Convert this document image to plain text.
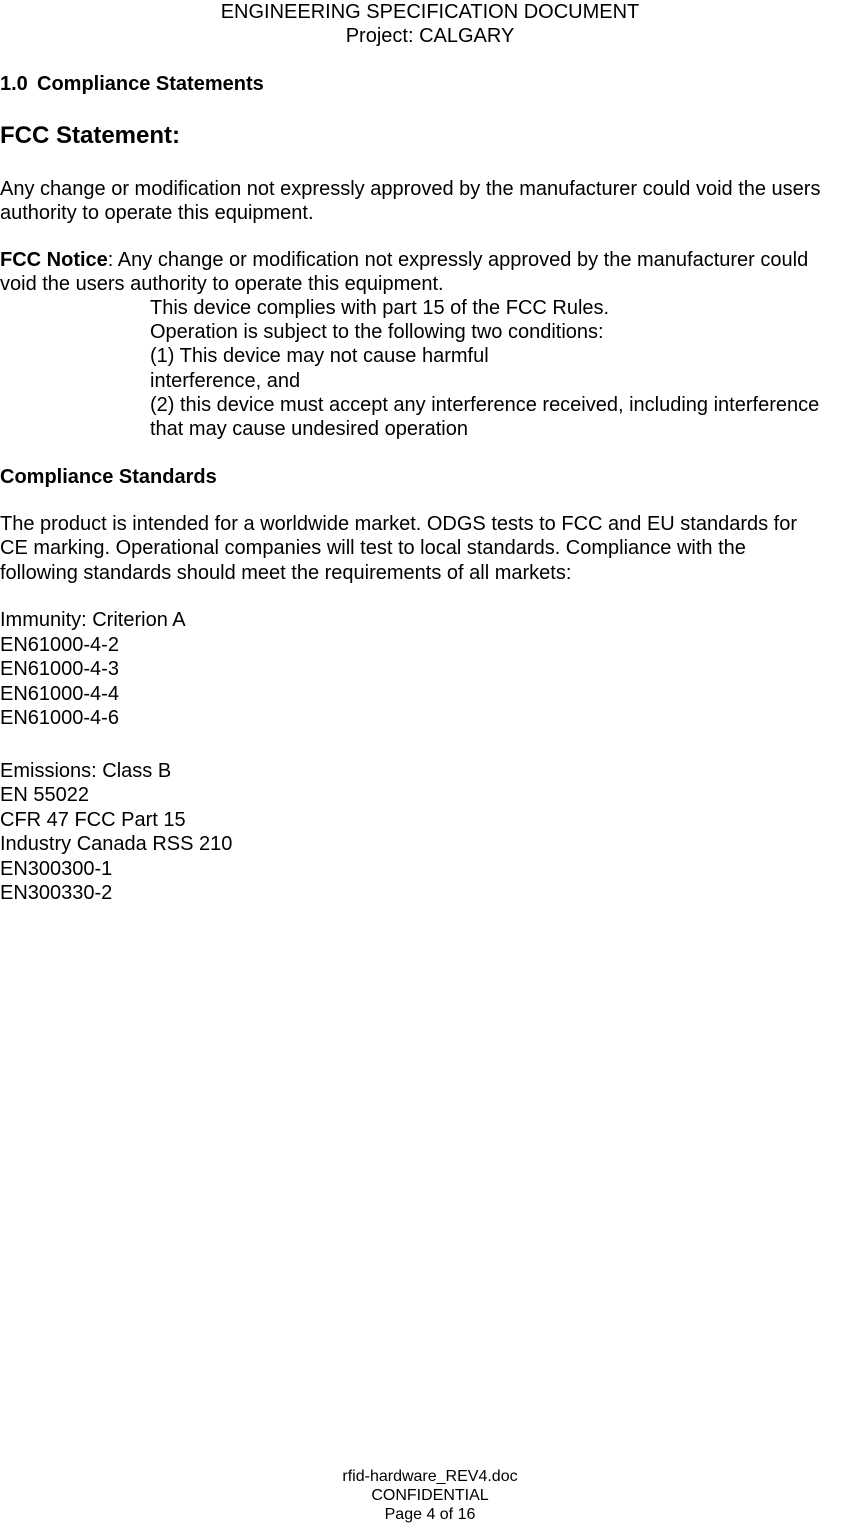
ENGINEERING SPECIFICATION DOCUMENT
Project: CALGARY
1.0 Compliance Statements
FCC Statement:
Any change or modification not expressly approved by the manufacturer could void the users
authority to operate this equipment.
FCC Notice: Any change or modification not expressly approved by the manufacturer could
void the users authority to operate this equipment.
This device complies with part 15 of the FCC Rules.
Operation is subject to the following two conditions:
(1) This device may not cause harmful
interference, and
(2) this device must accept any interference received, including interference
that may cause undesired operation
Compliance Standards
The product is intended for a worldwide market. ODGS tests to FCC and EU standards for
CE marking. Operational companies will test to local standards. Compliance with the
following standards should meet the requirements of all markets:
Immunity: Criterion A
EN61000-4-2
EN61000-4-3
EN61000-4-4
EN61000-4-6
Emissions: Class B
EN 55022
CFR 47 FCC Part 15
Industry Canada RSS 210
EN300300-1
EN300330-2
rfid-hardware_REV4.doc
CONFIDENTIAL
Page 4 of 16
